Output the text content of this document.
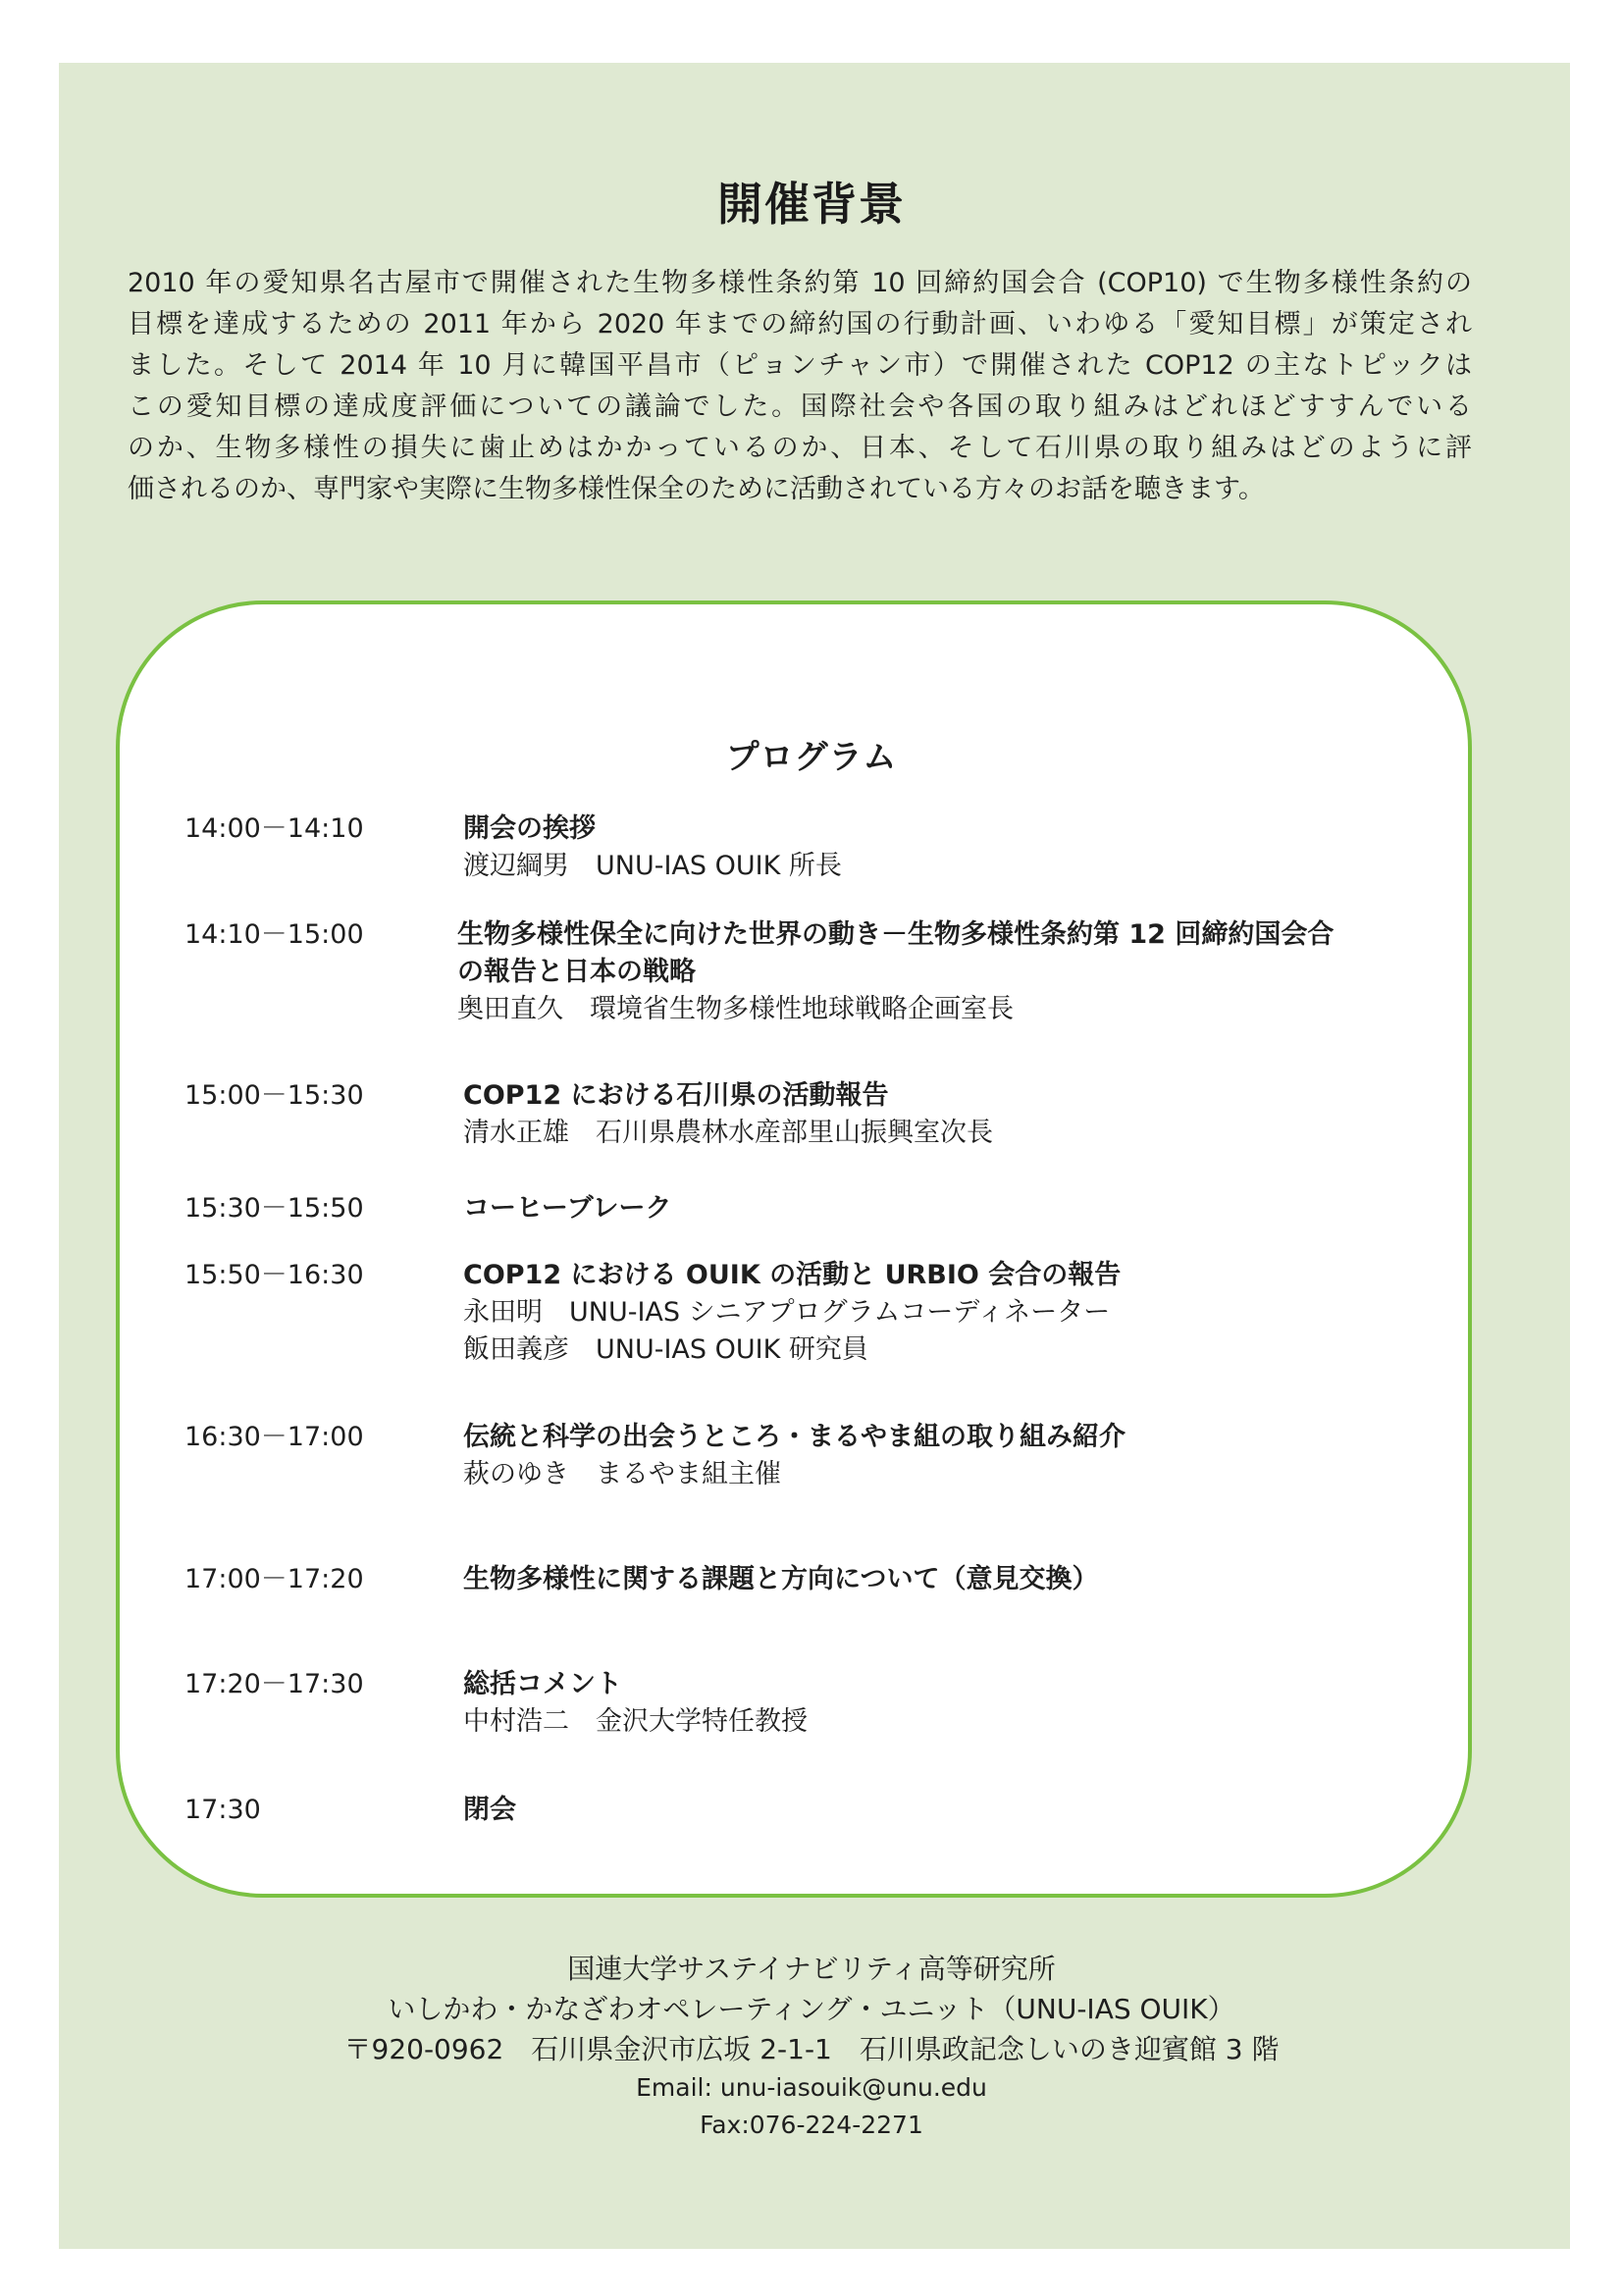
開催背景
2010 年の愛知県名古屋市で開催された生物多様性条約第 10 回締約国会合 (COP10) で生物多様性条約の
目標を達成するための 2011 年から 2020 年までの締約国の行動計画、いわゆる「愛知目標」が策定され
ました。そして 2014 年 10 月に韓国平昌市（ピョンチャン市）で開催された COP12 の主なトピックは
この愛知目標の達成度評価についての議論でした。国際社会や各国の取り組みはどれほどすすんでいる
のか、生物多様性の損失に歯止めはかかっているのか、日本、そして石川県の取り組みはどのように評
価されるのか、専門家や実際に生物多様性保全のために活動されている方々のお話を聴きます。
プログラム
14:00－14:10	開会の挨拶
渡辺綱男　UNU-IAS OUIK 所長
14:10－15:00	生物多様性保全に向けた世界の動き－生物多様性条約第 12 回締約国会合
の報告と日本の戦略
奥田直久　環境省生物多様性地球戦略企画室長
15:00－15:30	COP12 における石川県の活動報告
清水正雄　石川県農林水産部里山振興室次長
15:30－15:50	コーヒーブレーク
15:50－16:30	COP12 における OUIK の活動と URBIO 会合の報告
永田明　UNU-IAS シニアプログラムコーディネーター
飯田義彦　UNU-IAS OUIK 研究員
16:30－17:00	伝統と科学の出会うところ・まるやま組の取り組み紹介
萩のゆき　まるやま組主催
17:00－17:20	生物多様性に関する課題と方向について（意見交換）
17:20－17:30	総括コメント
中村浩二　金沢大学特任教授
17:30	閉会
国連大学サステイナビリティ高等研究所
いしかわ・かなざわオペレーティング・ユニット（UNU-IAS OUIK）
〒920-0962　石川県金沢市広坂 2-1-1　石川県政記念しいのき迎賓館 3 階
Email: unu-iasouik@unu.edu
Fax:076-224-2271
